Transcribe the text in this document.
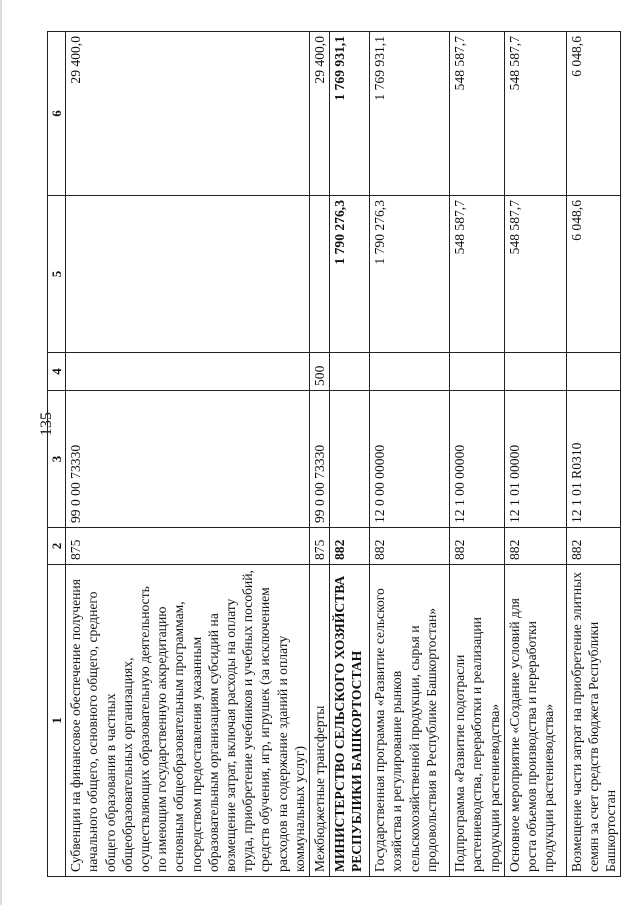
135
1	2	3	4	5	6
Субвенции на финансовое обеспечение получения начального общего, основного общего, среднего общего образования в частных общеобразовательных организациях, осуществляющих образовательную деятельность по имеющим государственную аккредитацию основным общеобразовательным программам, посредством предоставления указанным образовательным организациям субсидий на возмещение затрат, включая расходы на оплату труда, приобретение учебников и учебных пособий, средств обучения, игр, игрушек (за исключением расходов на содержание зданий и оплату коммунальных услуг)	875	99 0 00 73330			29 400,0
Межбюджетные трансферты	875	99 0 00 73330	500		29 400,0
МИНИСТЕРСТВО СЕЛЬСКОГО ХОЗЯЙСТВА РЕСПУБЛИКИ БАШКОРТОСТАН	882			1 790 276,3	1 769 931,1
Государственная программа «Развитие сельского хозяйства и регулирование рынков сельскохозяйственной продукции, сырья и продовольствия в Республике Башкортостан»	882	12 0 00 00000		1 790 276,3	1 769 931,1
Подпрограмма «Развитие подотрасли растениеводства, переработки и реализации продукции растениеводства»	882	12 1 00 00000		548 587,7	548 587,7
Основное мероприятие «Создание условий для роста объемов производства и переработки продукции растениеводства»	882	12 1 01 00000		548 587,7	548 587,7
Возмещение части затрат на приобретение элитных семян за счет средств бюджета Республики Башкортостан	882	12 1 01 R0310		6 048,6	6 048,6
